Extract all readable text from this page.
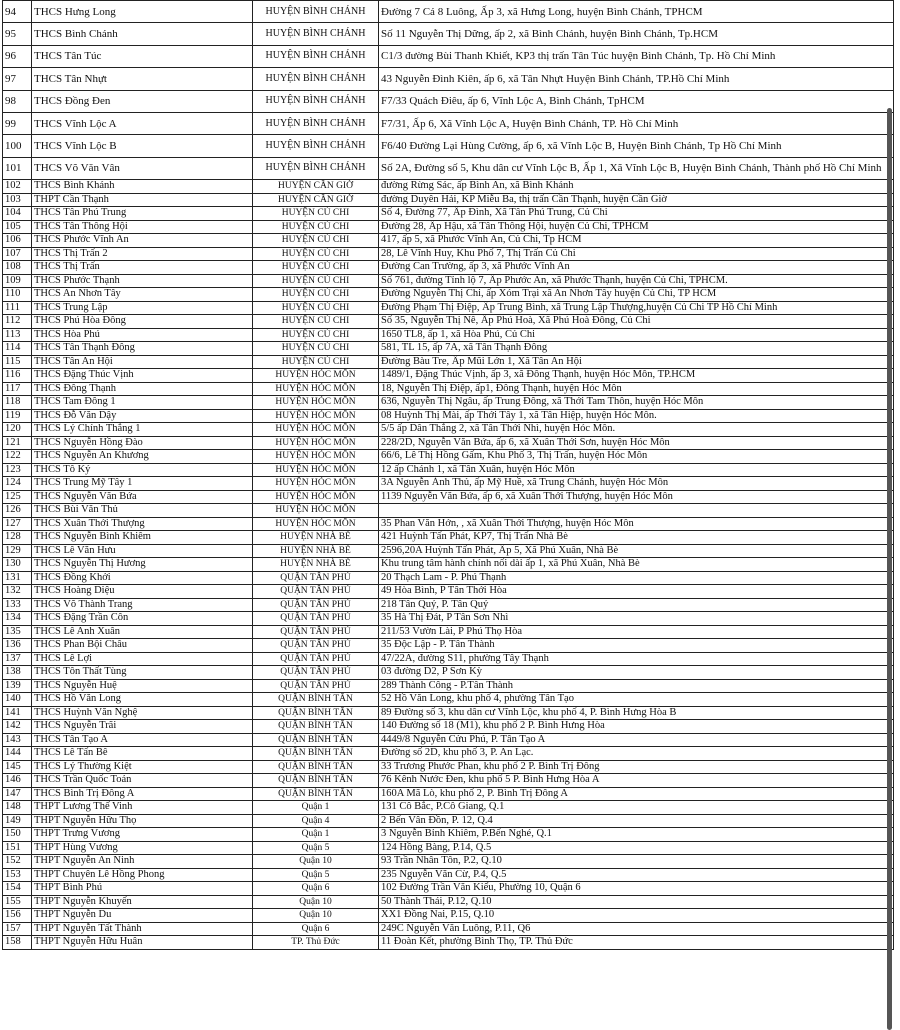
94	THCS Hưng Long	HUYỆN BÌNH CHÁNH	Đường 7 Cá 8 Luông, Ấp 3, xã Hưng Long, huyện Bình Chánh, TPHCM
95	THCS Bình Chánh	HUYỆN BÌNH CHÁNH	Số 11 Nguyễn Thị Dững, ấp 2, xã Bình Chánh, huyện Bình Chánh, Tp.HCM
96	THCS Tân Túc	HUYỆN BÌNH CHÁNH	C1/3 đường Bùi Thanh Khiết, KP3 thị trấn Tân Túc huyện Bình Chánh, Tp. Hồ Chí Minh
97	THCS Tân Nhựt	HUYỆN BÌNH CHÁNH	43 Nguyễn Đình Kiên, ấp 6, xã Tân Nhựt Huyện Bình Chánh, TP.Hồ Chí Minh
98	THCS Đồng Đen	HUYỆN BÌNH CHÁNH	F7/33 Quách Điêu, ấp 6, Vĩnh Lộc A, Bình Chánh, TpHCM
99	THCS Vĩnh Lộc A	HUYỆN BÌNH CHÁNH	F7/31, Ấp 6, Xã Vĩnh Lộc A, Huyện Bình Chánh, TP. Hồ Chí Minh
100	THCS Vĩnh Lộc B	HUYỆN BÌNH CHÁNH	F6/40 Đường Lại Hùng Cường, ấp 6, xã Vĩnh Lộc B, Huyện Bình Chánh, Tp Hồ Chí Minh
101	THCS Võ Văn Vân	HUYỆN BÌNH CHÁNH	Số 2A, Đường số 5, Khu dân cư Vĩnh Lộc B, Ấp 1, Xã Vĩnh Lộc B, Huyện Bình Chánh, Thành phố Hồ Chí Minh
102	THCS Bình Khánh	HUYỆN CẦN GIỜ	đường Rừng Sác, ấp Bình An, xã Bình Khánh
103	THPT Cần Thạnh	HUYỆN CẦN GIỜ	đường Duyên Hải, KP Miễu Ba, thị trấn Cần Thạnh, huyện Cần Giờ
104	THCS Tân Phú Trung	HUYỆN CỦ CHI	Số 4, Đường 77, Ấp Đình, Xã Tân Phú Trung, Củ Chi
105	THCS Tân Thông Hội	HUYỆN CỦ CHI	Đường 28, Ấp Hậu, xã Tân Thông Hội, huyện Củ Chi, TPHCM
106	THCS Phước Vĩnh An	HUYỆN CỦ CHI	417, ấp 5, xã Phước Vĩnh An, Củ Chi, Tp HCM
107	THCS Thị Trấn 2	HUYỆN CỦ CHI	28, Lê Vĩnh Huy, Khu Phố 7, Thị Trấn Củ Chi
108	THCS Thị Trấn	HUYỆN CỦ CHI	Đường Can Trường, ấp 3, xã Phước Vĩnh An
109	THCS Phước Thạnh	HUYỆN CỦ CHI	Số 761, đường Tỉnh lộ 7, Ấp Phước An, xã Phước Thạnh, huyện Củ Chi, TPHCM.
110	THCS An Nhơn Tây	HUYỆN CỦ CHI	Đường Nguyễn Thị Chi, ấp Xóm Trại xã An Nhơn Tây huyện Củ Chi, TP HCM
111	THCS Trung Lập	HUYỆN CỦ CHI	Đường Phạm Thị Điệp, Ấp Trung Bình, xã Trung Lập Thượng,huyện Củ Chi TP Hồ Chí Minh
112	THCS Phú Hòa Đông	HUYỆN CỦ CHI	Số 35, Nguyễn Thị Nê, Ấp Phú Hoà, Xã Phú Hoà Đông, Củ Chi
113	THCS Hòa Phú	HUYỆN CỦ CHI	1650 TL8, ấp 1, xã Hòa Phú, Củ Chi
114	THCS Tân Thạnh Đông	HUYỆN CỦ CHI	581, TL 15, ấp 7A, xã Tân Thạnh Đông
115	THCS Tân An Hội	HUYỆN CỦ CHI	Đường Bàu Tre, Ấp Mũi Lớn 1, Xã Tân An Hội
116	THCS Đặng Thúc Vịnh	HUYỆN HÓC MÔN	1489/1, Đặng Thúc Vịnh, ấp 3, xã Đông Thạnh, huyện Hóc Môn, TP.HCM
117	THCS Đông Thạnh	HUYỆN HÓC MÔN	18, Nguyễn Thị Điệp, ấp1, Đông Thạnh, huyện Hóc Môn
118	THCS Tam Đông 1	HUYỆN HÓC MÔN	636, Nguyễn Thị Ngâu, ấp Trung Đông, xã Thới Tam Thôn, huyện Hóc Môn
119	THCS Đỗ Văn Dậy	HUYỆN HÓC MÔN	08 Huỳnh Thị Mài, ấp Thới Tây 1, xã Tân Hiệp, huyện Hóc Môn.
120	THCS Lý Chính Thắng 1	HUYỆN HÓC MÔN	5/5 ấp Dân Thắng 2, xã Tân Thới Nhì, huyện Hóc Môn.
121	THCS Nguyễn Hồng Đào	HUYỆN HÓC MÔN	228/2D, Nguyễn Văn Bứa, ấp 6, xã Xuân Thới Sơn, huyện Hóc Môn
122	THCS Nguyễn An Khương	HUYỆN HÓC MÔN	66/6, Lê Thị Hồng Gấm, Khu Phố 3, Thị Trấn, huyện Hóc Môn
123	THCS Tô Ký	HUYỆN HÓC MÔN	12 ấp Chánh 1, xã Tân Xuân, huyện Hóc Môn
124	THCS Trung Mỹ Tây 1	HUYỆN HÓC MÔN	3A Nguyễn Ảnh Thủ, ấp Mỹ Huề, xã Trung Chánh, huyện Hóc Môn
125	THCS Nguyễn Văn Bứa	HUYỆN HÓC MÔN	1139 Nguyễn Văn Bứa, ấp 6, xã Xuân Thới Thượng, huyện Hóc Môn
126	THCS Bùi Văn Thủ	HUYỆN HÓC MÔN	
127	THCS Xuân Thới Thượng	HUYỆN HÓC MÔN	35 Phan Văn Hớn, , xã Xuân Thới Thượng, huyện Hóc Môn
128	THCS Nguyễn Bình Khiêm	HUYỆN NHÀ BÈ	421 Huỳnh Tấn Phát, KP7, Thị Trấn Nhà Bè
129	THCS Lê Văn Hưu	HUYỆN NHÀ BÈ	2596,20A Huỳnh Tấn Phát, Ấp 5, Xã Phú Xuân, Nhà Bè
130	THCS Nguyễn Thị Hương	HUYỆN NHÀ BÈ	Khu trung tâm hành chính nối dài ấp 1, xã Phú Xuân, Nhà Bè
131	THCS Đồng Khởi	QUẬN TÂN PHÚ	20 Thạch Lam - P. Phú Thạnh
132	THCS Hoàng Diệu	QUẬN TÂN PHÚ	49 Hòa Bình, P Tân Thới Hòa
133	THCS Võ Thành Trang	QUẬN TÂN PHÚ	218 Tân Quý, P. Tân Quý
134	THCS Đặng Trần Côn	QUẬN TÂN PHÚ	35 Hà Thị Đát, P Tân Sơn Nhì
135	THCS Lê Anh Xuân	QUẬN TÂN PHÚ	211/53 Vườn Lài, P Phú Thọ Hòa
136	THCS Phan Bội Châu	QUẬN TÂN PHÚ	35 Độc Lập - P. Tân Thành
137	THCS Lê Lợi	QUẬN TÂN PHÚ	47/22A, đường S11, phường Tây Thạnh
138	THCS Tôn Thất Tùng	QUẬN TÂN PHÚ	03 đường D2, P Sơn Kỳ
139	THCS Nguyễn Huệ	QUẬN TÂN PHÚ	289 Thành Công - P.Tân Thành
140	THCS Hồ Văn Long	QUẬN BÌNH TÂN	52 Hồ Văn Long, khu phố 4, phường Tân Tạo
141	THCS Huỳnh Văn Nghệ	QUẬN BÌNH TÂN	89 Đường số 3, khu dân cư Vĩnh Lộc, khu phố 4, P. Bình Hưng Hòa B
142	THCS Nguyễn Trãi	QUẬN BÌNH TÂN	140 Đường số 18 (M1), khu phố 2 P. Bình Hưng Hòa
143	THCS Tân Tạo A	QUẬN BÌNH TÂN	4449/8 Nguyễn Cửu Phú, P. Tân Tạo A
144	THCS Lê Tấn Bê	QUẬN BÌNH TÂN	Đường số 2D, khu phố 3, P. An Lạc.
145	THCS Lý Thường Kiệt	QUẬN BÌNH TÂN	33 Trương Phước Phan, khu phố 2 P. Bình Trị Đông
146	THCS Trần Quốc Toản	QUẬN BÌNH TÂN	76 Kênh Nước Đen, khu phố 5 P. Bình Hưng Hòa A
147	THCS Bình Trị Đông A	QUẬN BÌNH TÂN	160A Mã Lò, khu phố 2, P. Bình Trị Đông A
148	THPT Lương Thế Vinh	Quận 1	131 Cô Bắc, P.Cô Giang, Q.1
149	THPT Nguyễn Hữu Thọ	Quận 4	2 Bến Vân Đồn, P. 12, Q.4
150	THPT Trưng Vương	Quận 1	3 Nguyễn Bỉnh Khiêm, P.Bến Nghé, Q.1
151	THPT Hùng Vương	Quận 5	124 Hồng Bàng, P.14, Q.5
152	THPT Nguyễn An Ninh	Quận 10	93 Trần Nhân Tôn, P.2, Q.10
153	THPT Chuyên Lê Hồng Phong	Quận 5	235 Nguyễn Văn Cừ, P.4, Q.5
154	THPT Bình Phú	Quận 6	102 Đường Trần Văn Kiểu, Phường 10, Quận 6
155	THPT Nguyễn Khuyến	Quận 10	50 Thành Thái, P.12, Q.10
156	THPT Nguyễn Du	Quận 10	XX1 Đồng Nai, P.15, Q.10
157	THPT Nguyễn Tất Thành	Quận 6	249C Nguyễn Văn Luông, P.11, Q6
158	THPT Nguyễn Hữu Huân	TP. Thủ Đức	11 Đoàn Kết, phường Bình Thọ, TP. Thủ Đức
